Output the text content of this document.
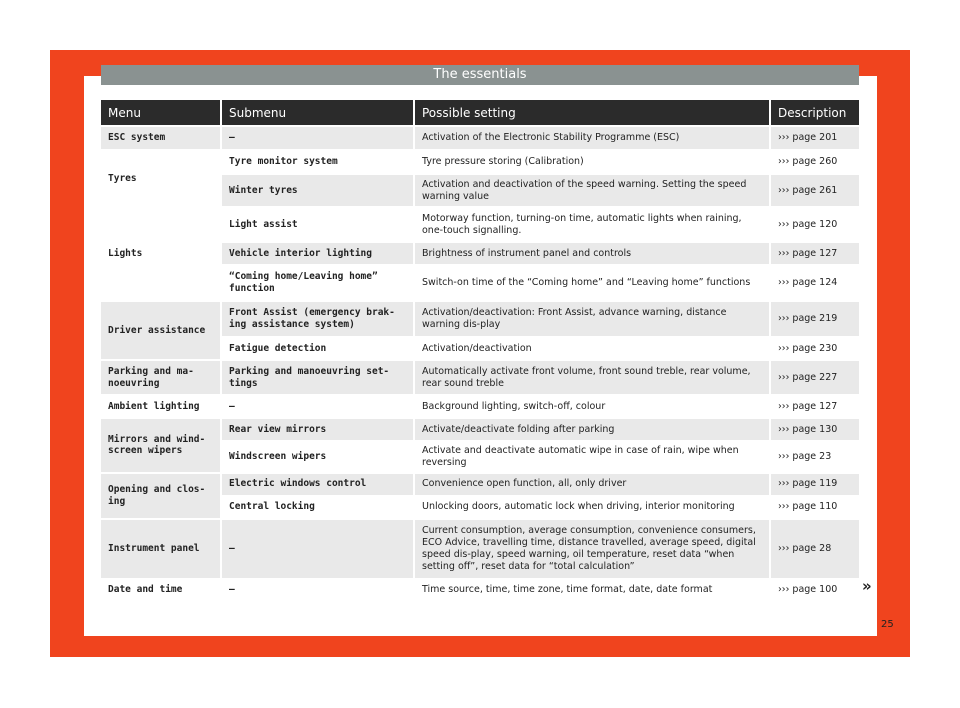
The essentials
Menu	Submenu	Possible setting	Description
ESC system	–	Activation of the Electronic Stability Programme (ESC)	››› page 201
Tyres	Tyre monitor system	Tyre pressure storing (Calibration)	››› page 260
	Winter tyres	Activation and deactivation of the speed warning. Setting the speed warning value	››› page 261
Lights	Light assist	Motorway function, turning-on time, automatic lights when raining, one-touch signalling.	››› page 120
	Vehicle interior lighting	Brightness of instrument panel and controls	››› page 127
	“Coming home/Leaving home” function	Switch-on time of the “Coming home” and “Leaving home” functions	››› page 124
Driver assistance	Front Assist (emergency brak-ing assistance system)	Activation/deactivation: Front Assist, advance warning, distance warning dis-play	››› page 219
	Fatigue detection	Activation/deactivation	››› page 230
Parking and ma-noeuvring	Parking and manoeuvring set-tings	Automatically activate front volume, front sound treble, rear volume, rear sound treble	››› page 227
Ambient lighting	–	Background lighting, switch-off, colour	››› page 127
Mirrors and wind-screen wipers	Rear view mirrors	Activate/deactivate folding after parking	››› page 130
	Windscreen wipers	Activate and deactivate automatic wipe in case of rain, wipe when reversing	››› page 23
Opening and clos-ing	Electric windows control	Convenience open function, all, only driver	››› page 119
	Central locking	Unlocking doors, automatic lock when driving, interior monitoring	››› page 110
Instrument panel	–	Current consumption, average consumption, convenience consumers, ECO Advice, travelling time, distance travelled, average speed, digital speed dis-play, speed warning, oil temperature, reset data “when setting off”, reset data for “total calculation”	››› page 28
Date and time	–	Time source, time, time zone, time format, date, date format	››› page 100 »
25
